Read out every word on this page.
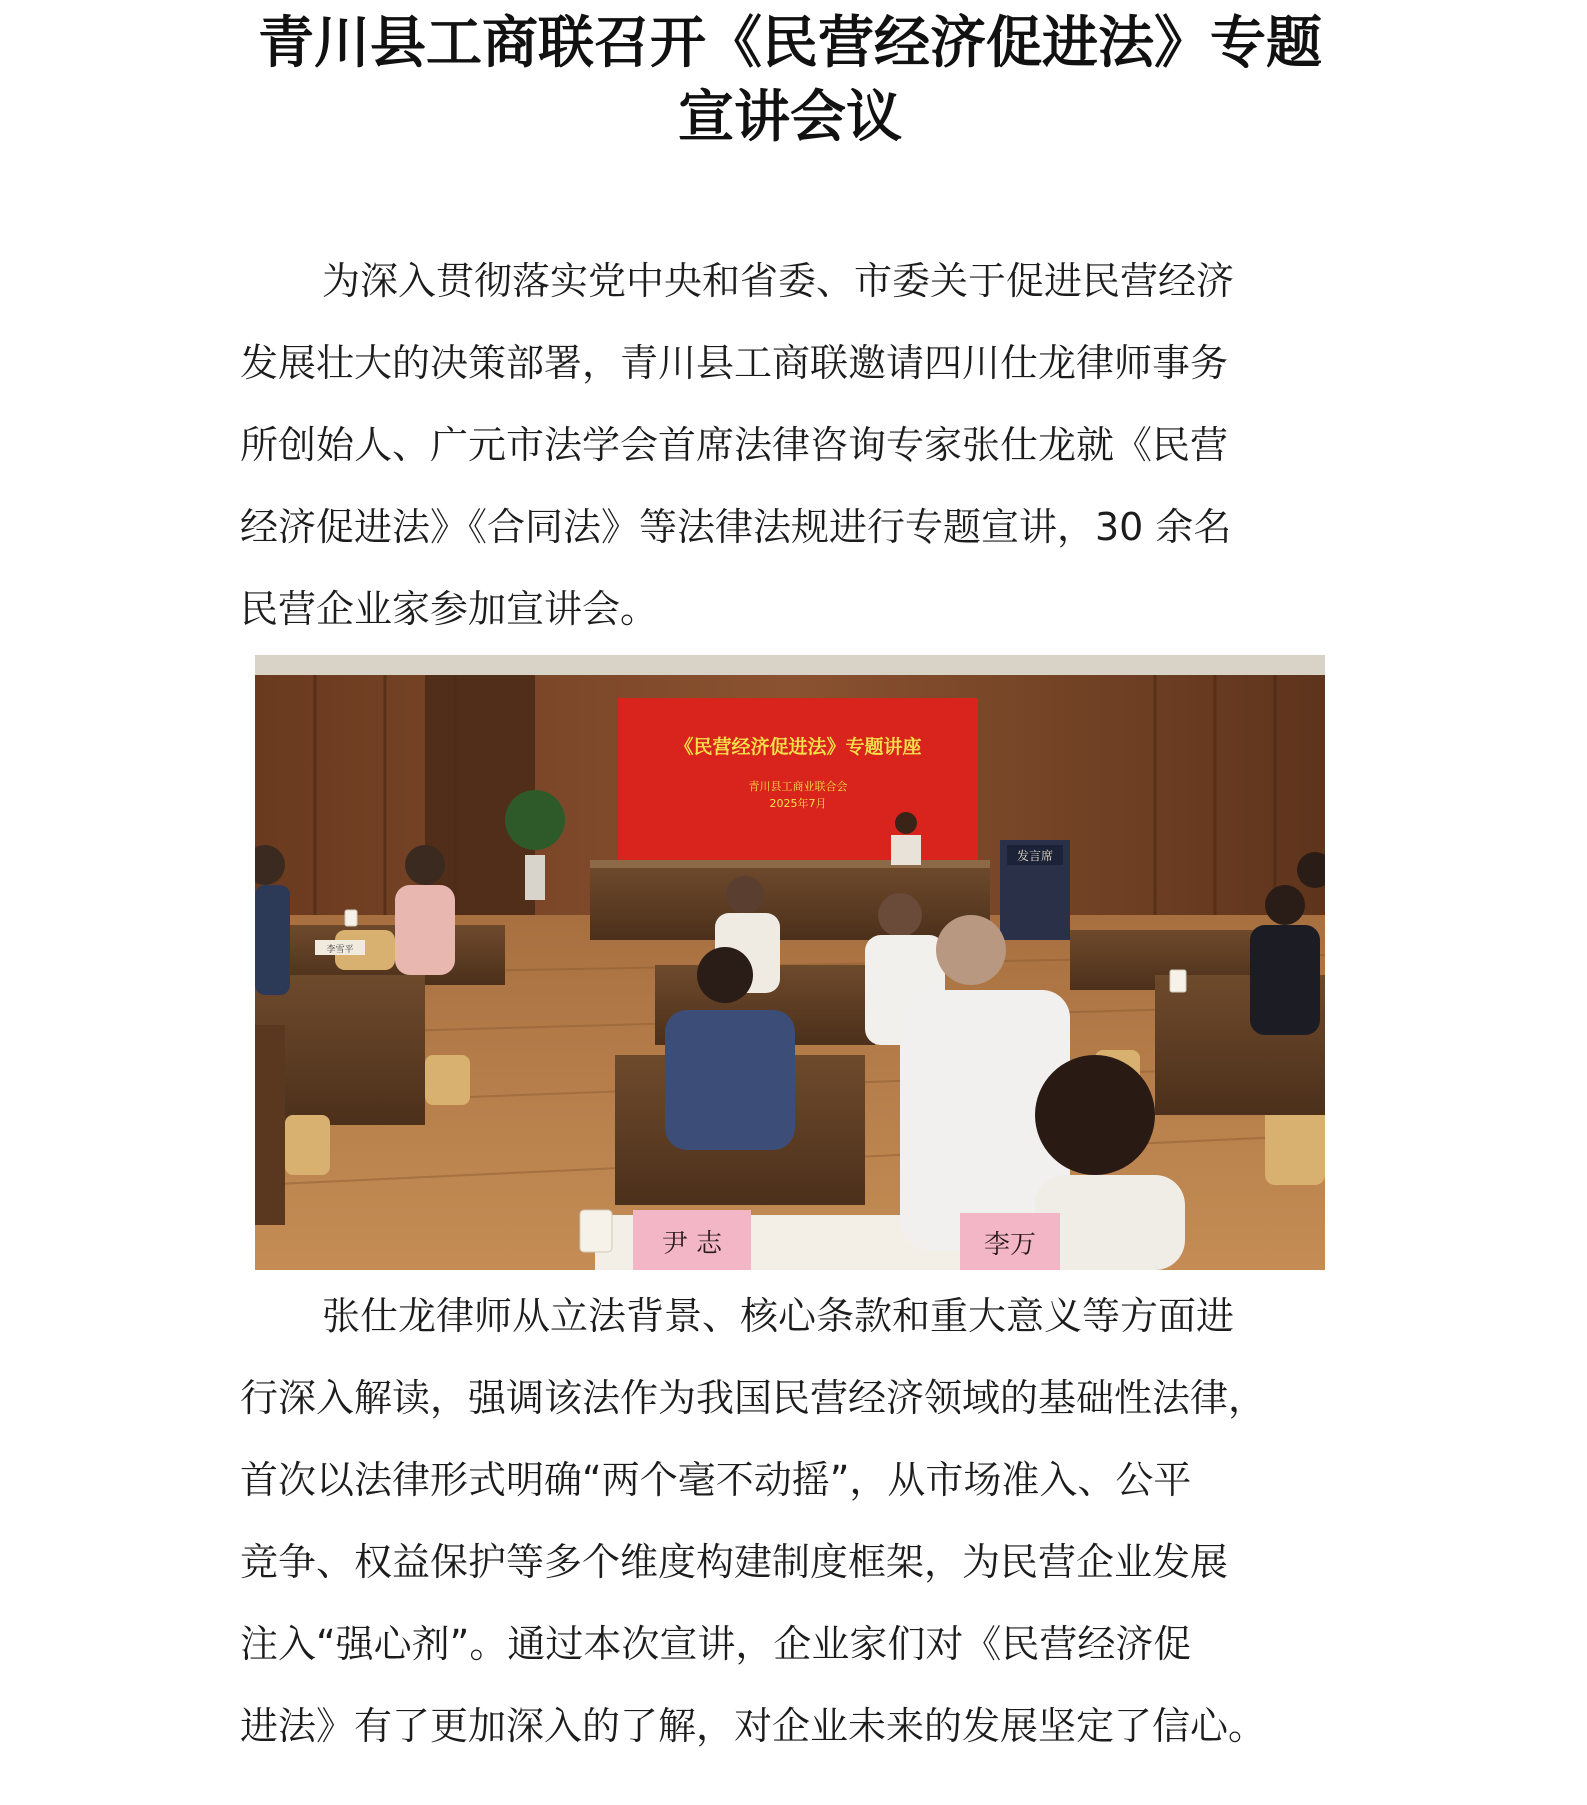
青川县工商联召开《民营经济促进法》专题
宣讲会议
为深入贯彻落实党中央和省委、市委关于促进民营经济
发展壮大的决策部署，青川县工商联邀请四川仕龙律师事务
所创始人、广元市法学会首席法律咨询专家张仕龙就《民营
经济促进法》《合同法》等法律法规进行专题宣讲，30 余名
民营企业家参加宣讲会。
《民营经济促进法》专题讲座
青川县工商业联合会
2025年7月
发言席
李雪平
尹 志	李万
张仕龙律师从立法背景、核心条款和重大意义等方面进
行深入解读，强调该法作为我国民营经济领域的基础性法律，
首次以法律形式明确“两个毫不动摇”，从市场准入、公平
竞争、权益保护等多个维度构建制度框架，为民营企业发展
注入“强心剂”。通过本次宣讲，企业家们对《民营经济促
进法》有了更加深入的了解，对企业未来的发展坚定了信心。
